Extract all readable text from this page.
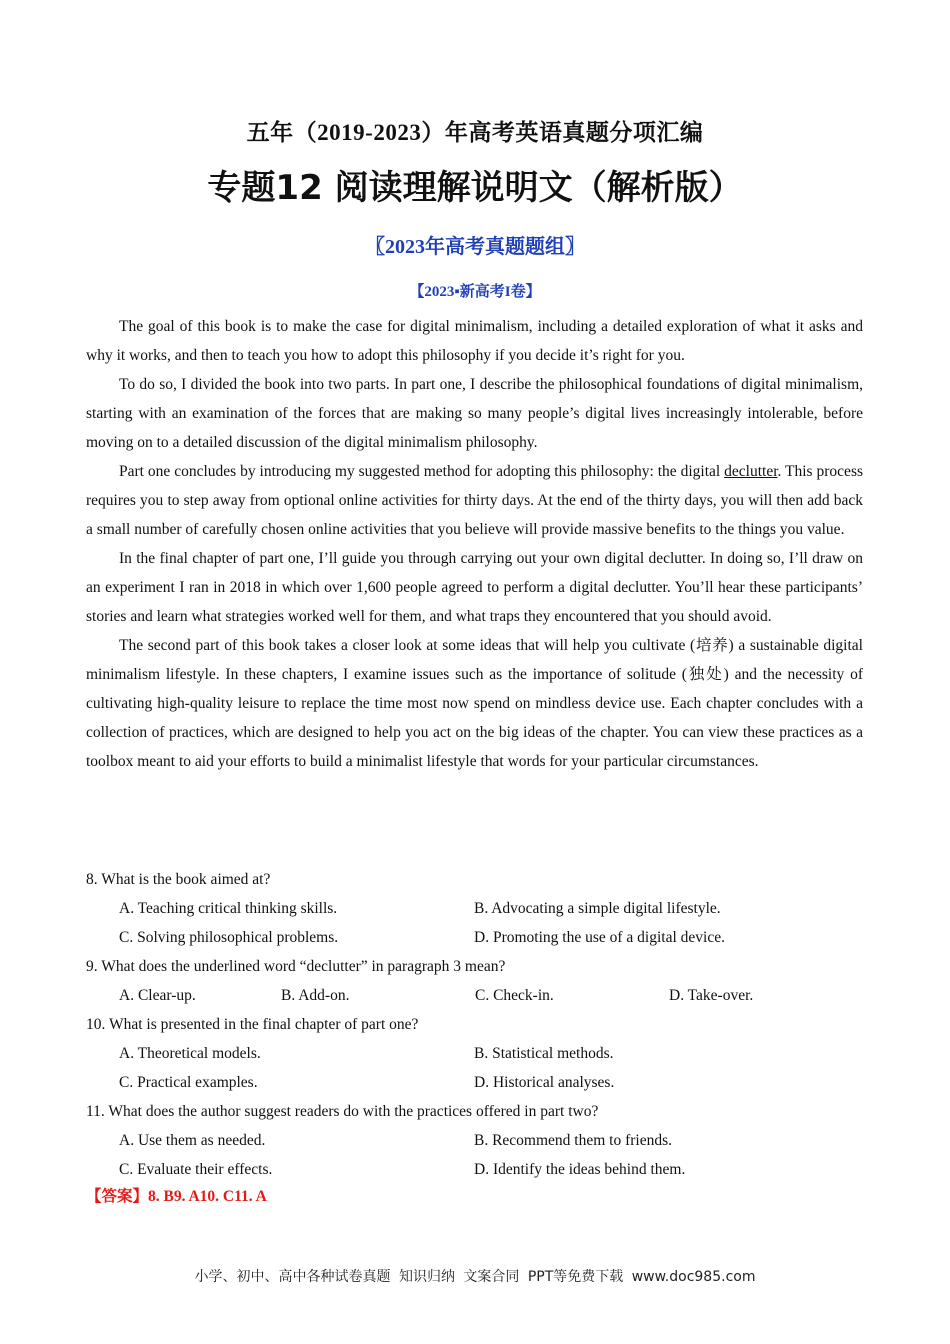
五年（2019-2023）年高考英语真题分项汇编
专题12 阅读理解说明文（解析版）
〖2023年高考真题题组〗
【2023▪新高考I卷】

The goal of this book is to make the case for digital minimalism, including a detailed exploration of what it asks and why it works, and then to teach you how to adopt this philosophy if you decide it’s right for you.

To do so, I divided the book into two parts. In part one, I describe the philosophical foundations of digital minimalism, starting with an examination of the forces that are making so many people’s digital lives increasingly intolerable, before moving on to a detailed discussion of the digital minimalism philosophy.

Part one concludes by introducing my suggested method for adopting this philosophy: the digital declutter. This process requires you to step away from optional online activities for thirty days. At the end of the thirty days, you will then add back a small number of carefully chosen online activities that you believe will provide massive benefits to the things you value.

In the final chapter of part one, I’ll guide you through carrying out your own digital declutter. In doing so, I’ll draw on an experiment I ran in 2018 in which over 1,600 people agreed to perform a digital declutter. You’ll hear these participants’ stories and learn what strategies worked well for them, and what traps they encountered that you should avoid.

The second part of this book takes a closer look at some ideas that will help you cultivate (培养) a sustainable digital minimalism lifestyle. In these chapters, I examine issues such as the importance of solitude (独处) and the necessity of cultivating high-quality leisure to replace the time most now spend on mindless device use. Each chapter concludes with a collection of practices, which are designed to help you act on the big ideas of the chapter. You can view these practices as a toolbox meant to aid your efforts to build a minimalist lifestyle that words for your particular circumstances.

8. What is the book aimed at?
A. Teaching critical thinking skills.	B. Advocating a simple digital lifestyle.
C. Solving philosophical problems.	D. Promoting the use of a digital device.
9. What does the underlined word “declutter” in paragraph 3 mean?
A. Clear-up.	B. Add-on.	C. Check-in.	D. Take-over.
10. What is presented in the final chapter of part one?
A. Theoretical models.	B. Statistical methods.
C. Practical examples.	D. Historical analyses.
11. What does the author suggest readers do with the practices offered in part two?
A. Use them as needed.	B. Recommend them to friends.
C. Evaluate their effects.	D. Identify the ideas behind them.
【答案】8. B9. A10. C11. A
小学、初中、高中各种试卷真题 知识归纳 文案合同 PPT等免费下载 www.doc985.com
